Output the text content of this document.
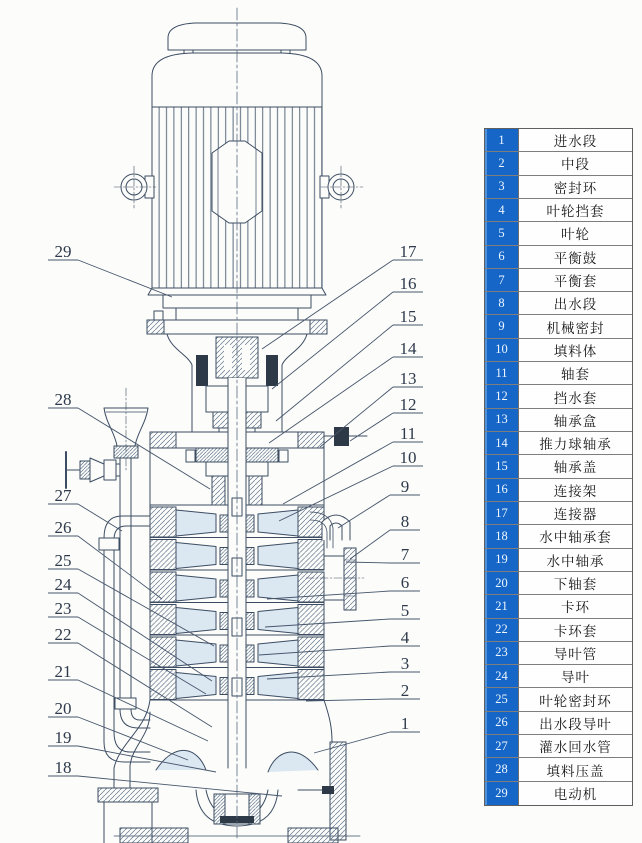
29
28
27
26
25
24
23
22
21
20
19
18
17
16
15
14
13
12
11
10
9
8
7
6
5
4
3
2
1
1	进水段
2	中段
3	密封环
4	叶轮挡套
5	叶轮
6	平衡鼓
7	平衡套
8	出水段
9	机械密封
10	填料体
11	轴套
12	挡水套
13	轴承盒
14	推力球轴承
15	轴承盖
16	连接架
17	连接器
18	水中轴承套
19	水中轴承
20	下轴套
21	卡环
22	卡环套
23	导叶管
24	导叶
25	叶轮密封环
26	出水段导叶
27	灌水回水管
28	填料压盖
29	电动机
